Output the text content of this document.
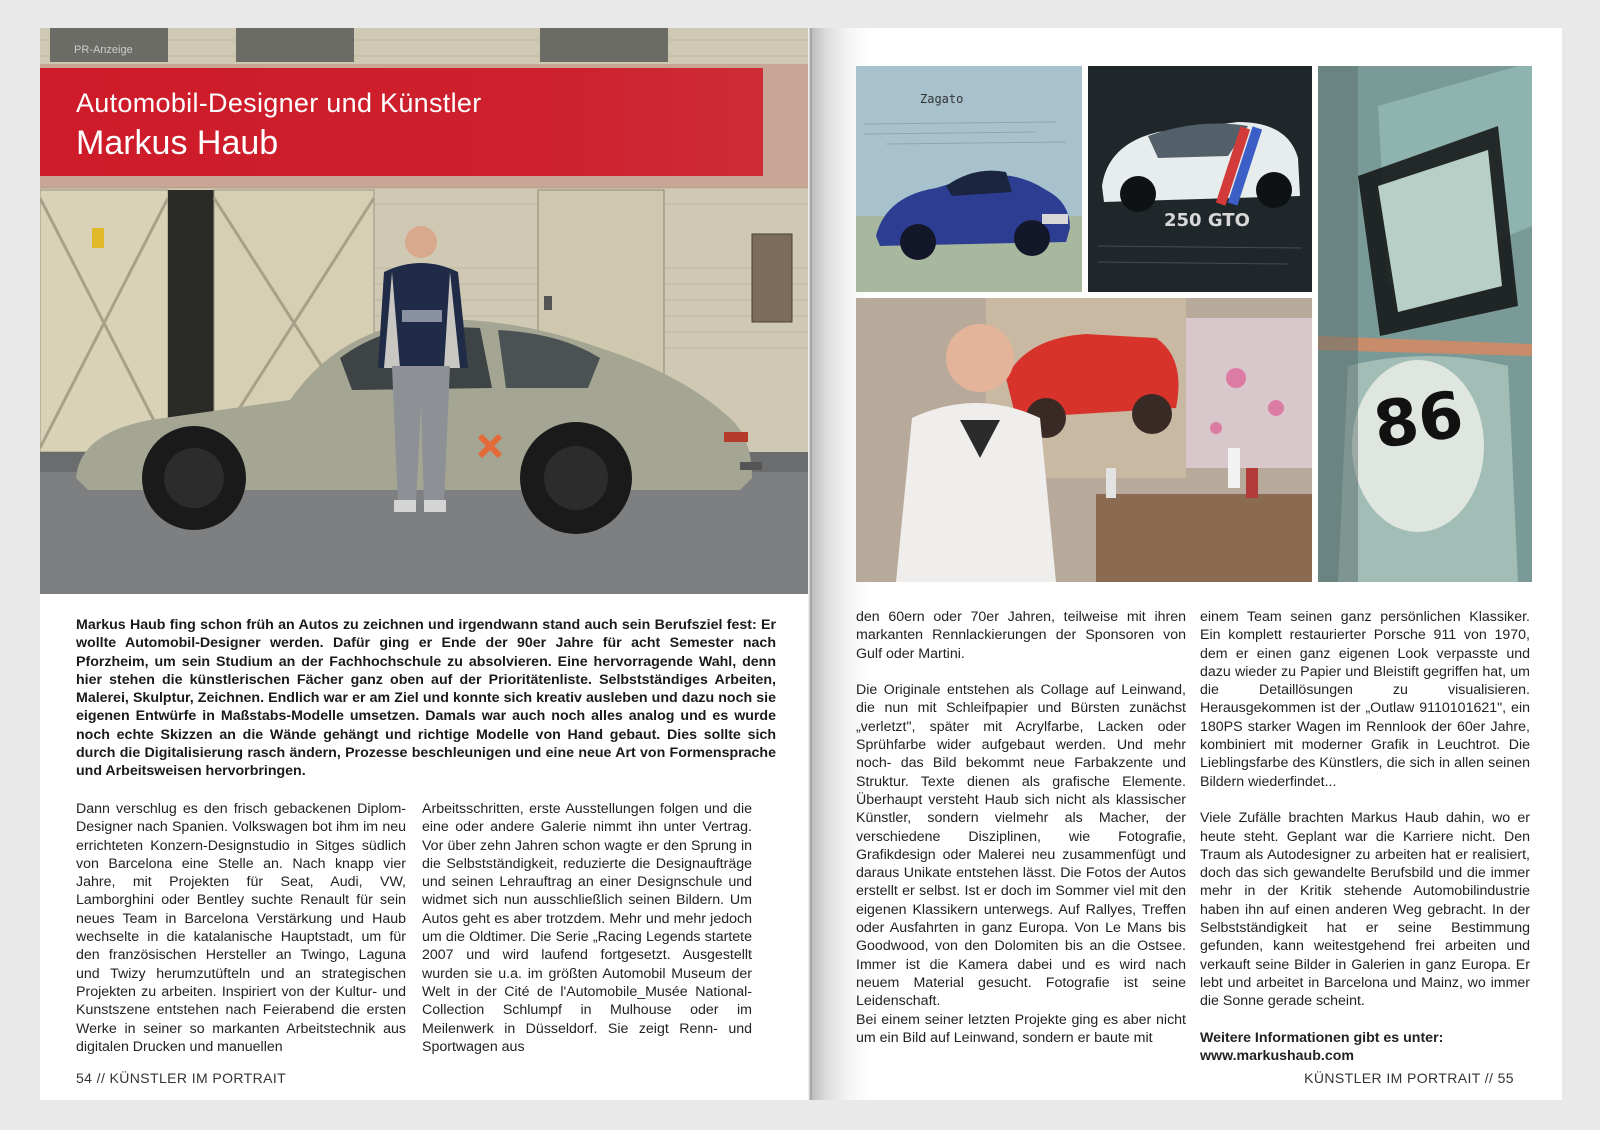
PR-Anzeige
Automobil-Designer und Künstler
Markus Haub

Markus Haub fing schon früh an Autos zu zeichnen und irgendwann stand auch sein Berufsziel fest: Er wollte Automobil-Designer werden. Dafür ging er Ende der 90er Jahre für acht Semester nach Pforzheim, um sein Studium an der Fachhochschule zu absolvieren. Eine hervorragende Wahl, denn hier stehen die künstlerischen Fächer ganz oben auf der Prioritätenliste. Selbstständiges Arbeiten, Malerei, Skulptur, Zeichnen. Endlich war er am Ziel und konnte sich kreativ ausleben und dazu noch sie eigenen Entwürfe in Maßstabs-Modelle umsetzen. Damals war auch noch alles analog und es wurde noch echte Skizzen an die Wände gehängt und richtige Modelle von Hand gebaut. Dies sollte sich durch die Digitalisierung rasch ändern, Prozesse beschleunigen und eine neue Art von Formensprache und Arbeitsweisen hervorbringen.

Dann verschlug es den frisch gebackenen Diplom-Designer nach Spanien. Volkswagen bot ihm im neu errichteten Konzern-Designstudio in Sitges südlich von Barcelona eine Stelle an. Nach knapp vier Jahre, mit Projekten für Seat, Audi, VW, Lamborghini oder Bentley suchte Renault für sein neues Team in Barcelona Verstärkung und Haub wechselte in die katalanische Hauptstadt, um für den französischen Hersteller an Twingo, Laguna und Twizy herumzutüfteln und an strategischen Projekten zu arbeiten. Inspiriert von der Kultur- und Kunstszene entstehen nach Feierabend die ersten Werke in seiner so markanten Arbeitstechnik aus digitalen Drucken und manuellen

Arbeitsschritten, erste Ausstellungen folgen und die eine oder andere Galerie nimmt ihn unter Vertrag. Vor über zehn Jahren schon wagte er den Sprung in die Selbstständigkeit, reduzierte die Designaufträge und seinen Lehrauftrag an einer Designschule und widmet sich nun ausschließlich seinen Bildern. Um Autos geht es aber trotzdem. Mehr und mehr jedoch um die Oldtimer. Die Serie „Racing Legends startete 2007 und wird laufend fortgesetzt. Ausgestellt wurden sie u.a. im größten Automobil Museum der Welt in der Cité de l'Automobile_Musée National-Collection Schlumpf in Mulhouse oder im Meilenwerk in Düsseldorf. Sie zeigt Renn- und Sportwagen aus

54 // KÜNSTLER IM PORTRAIT
Zagato
250 GTO
86

den 60ern oder 70er Jahren, teilweise mit ihren markanten Rennlackierungen der Sponsoren von Gulf oder Martini.

Die Originale entstehen als Collage auf Leinwand, die nun mit Schleifpapier und Bürsten zunächst „verletzt", später mit Acrylfarbe, Lacken oder Sprühfarbe wider aufgebaut werden. Und mehr noch- das Bild bekommt neue Farbakzente und Struktur. Texte dienen als grafische Elemente. Überhaupt versteht Haub sich nicht als klassischer Künstler, sondern vielmehr als Macher, der verschiedene Disziplinen, wie Fotografie, Grafikdesign oder Malerei neu zusammenfügt und daraus Unikate entstehen lässt. Die Fotos der Autos erstellt er selbst. Ist er doch im Sommer viel mit den eigenen Klassikern unterwegs. Auf Rallyes, Treffen oder Ausfahrten in ganz Europa. Von Le Mans bis Goodwood, von den Dolomiten bis an die Ostsee. Immer ist die Kamera dabei und es wird nach neuem Material gesucht. Fotografie ist seine Leidenschaft.

Bei einem seiner letzten Projekte ging es aber nicht um ein Bild auf Leinwand, sondern er baute mit

einem Team seinen ganz persönlichen Klassiker. Ein komplett restaurierter Porsche 911 von 1970, dem er einen ganz eigenen Look verpasste und dazu wieder zu Papier und Bleistift gegriffen hat, um die Detaillösungen zu visualisieren. Herausgekommen ist der „Outlaw 9110101621", ein 180PS starker Wagen im Rennlook der 60er Jahre, kombiniert mit moderner Grafik in Leuchtrot. Die Lieblingsfarbe des Künstlers, die sich in allen seinen Bildern wiederfindet...

Viele Zufälle brachten Markus Haub dahin, wo er heute steht. Geplant war die Karriere nicht. Den Traum als Autodesigner zu arbeiten hat er realisiert, doch das sich gewandelte Berufsbild und die immer mehr in der Kritik stehende Automobilindustrie haben ihn auf einen anderen Weg gebracht. In der Selbstständigkeit hat er seine Bestimmung gefunden, kann weitestgehend frei arbeiten und verkauft seine Bilder in Galerien in ganz Europa. Er lebt und arbeitet in Barcelona und Mainz, wo immer die Sonne gerade scheint.

Weitere Informationen gibt es unter:
www.markushaub.com
KÜNSTLER IM PORTRAIT // 55
